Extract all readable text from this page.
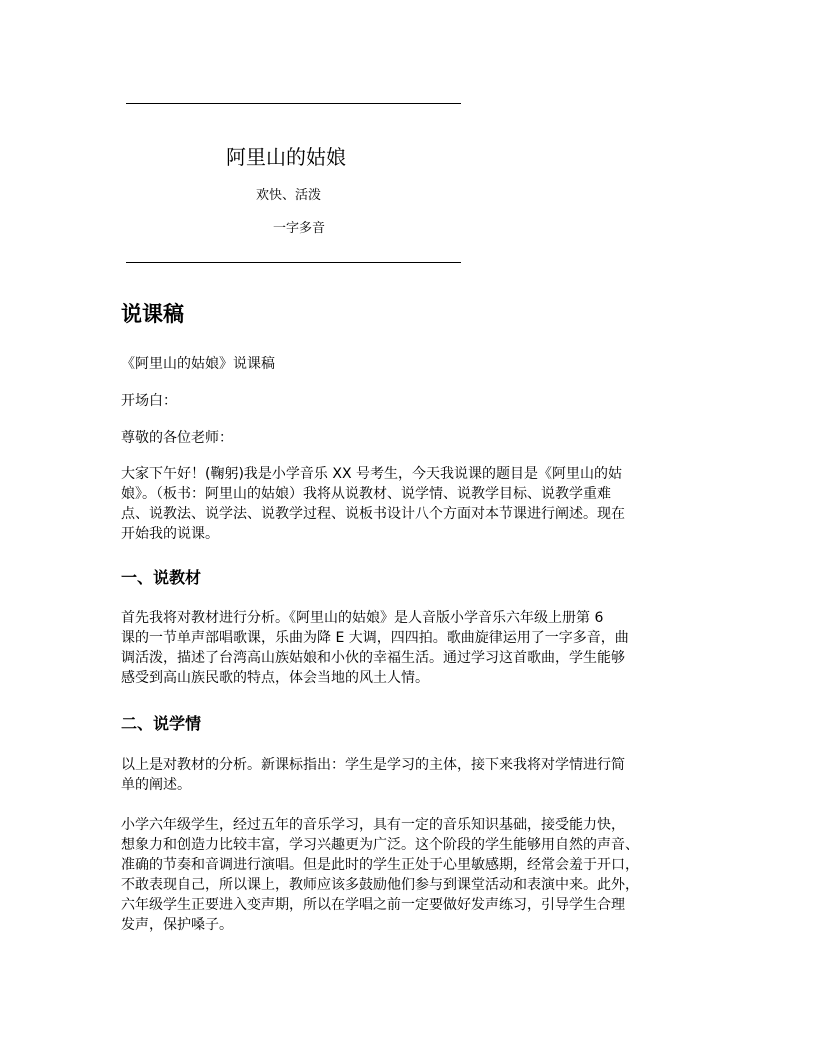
阿里山的姑娘
欢快、活泼
一字多音
说课稿

《阿里山的姑娘》说课稿

开场白：

尊敬的各位老师：

大家下午好！(鞠躬)我是小学音乐 XX 号考生，今天我说课的题目是《阿里山的姑
娘》。（板书：阿里山的姑娘）我将从说教材、说学情、说教学目标、说教学重难
点、说教法、说学法、说教学过程、说板书设计八个方面对本节课进行阐述。现在
开始我的说课。

一、说教材

首先我将对教材进行分析。《阿里山的姑娘》是人音版小学音乐六年级上册第 6
课的一节单声部唱歌课，乐曲为降 E 大调，四四拍。歌曲旋律运用了一字多音，曲
调活泼，描述了台湾高山族姑娘和小伙的幸福生活。通过学习这首歌曲，学生能够
感受到高山族民歌的特点，体会当地的风土人情。

二、说学情

以上是对教材的分析。新课标指出：学生是学习的主体，接下来我将对学情进行简
单的阐述。

小学六年级学生，经过五年的音乐学习，具有一定的音乐知识基础，接受能力快，
想象力和创造力比较丰富，学习兴趣更为广泛。这个阶段的学生能够用自然的声音、
准确的节奏和音调进行演唱。但是此时的学生正处于心里敏感期，经常会羞于开口，
不敢表现自己，所以课上，教师应该多鼓励他们参与到课堂活动和表演中来。此外，
六年级学生正要进入变声期，所以在学唱之前一定要做好发声练习，引导学生合理
发声，保护嗓子。
